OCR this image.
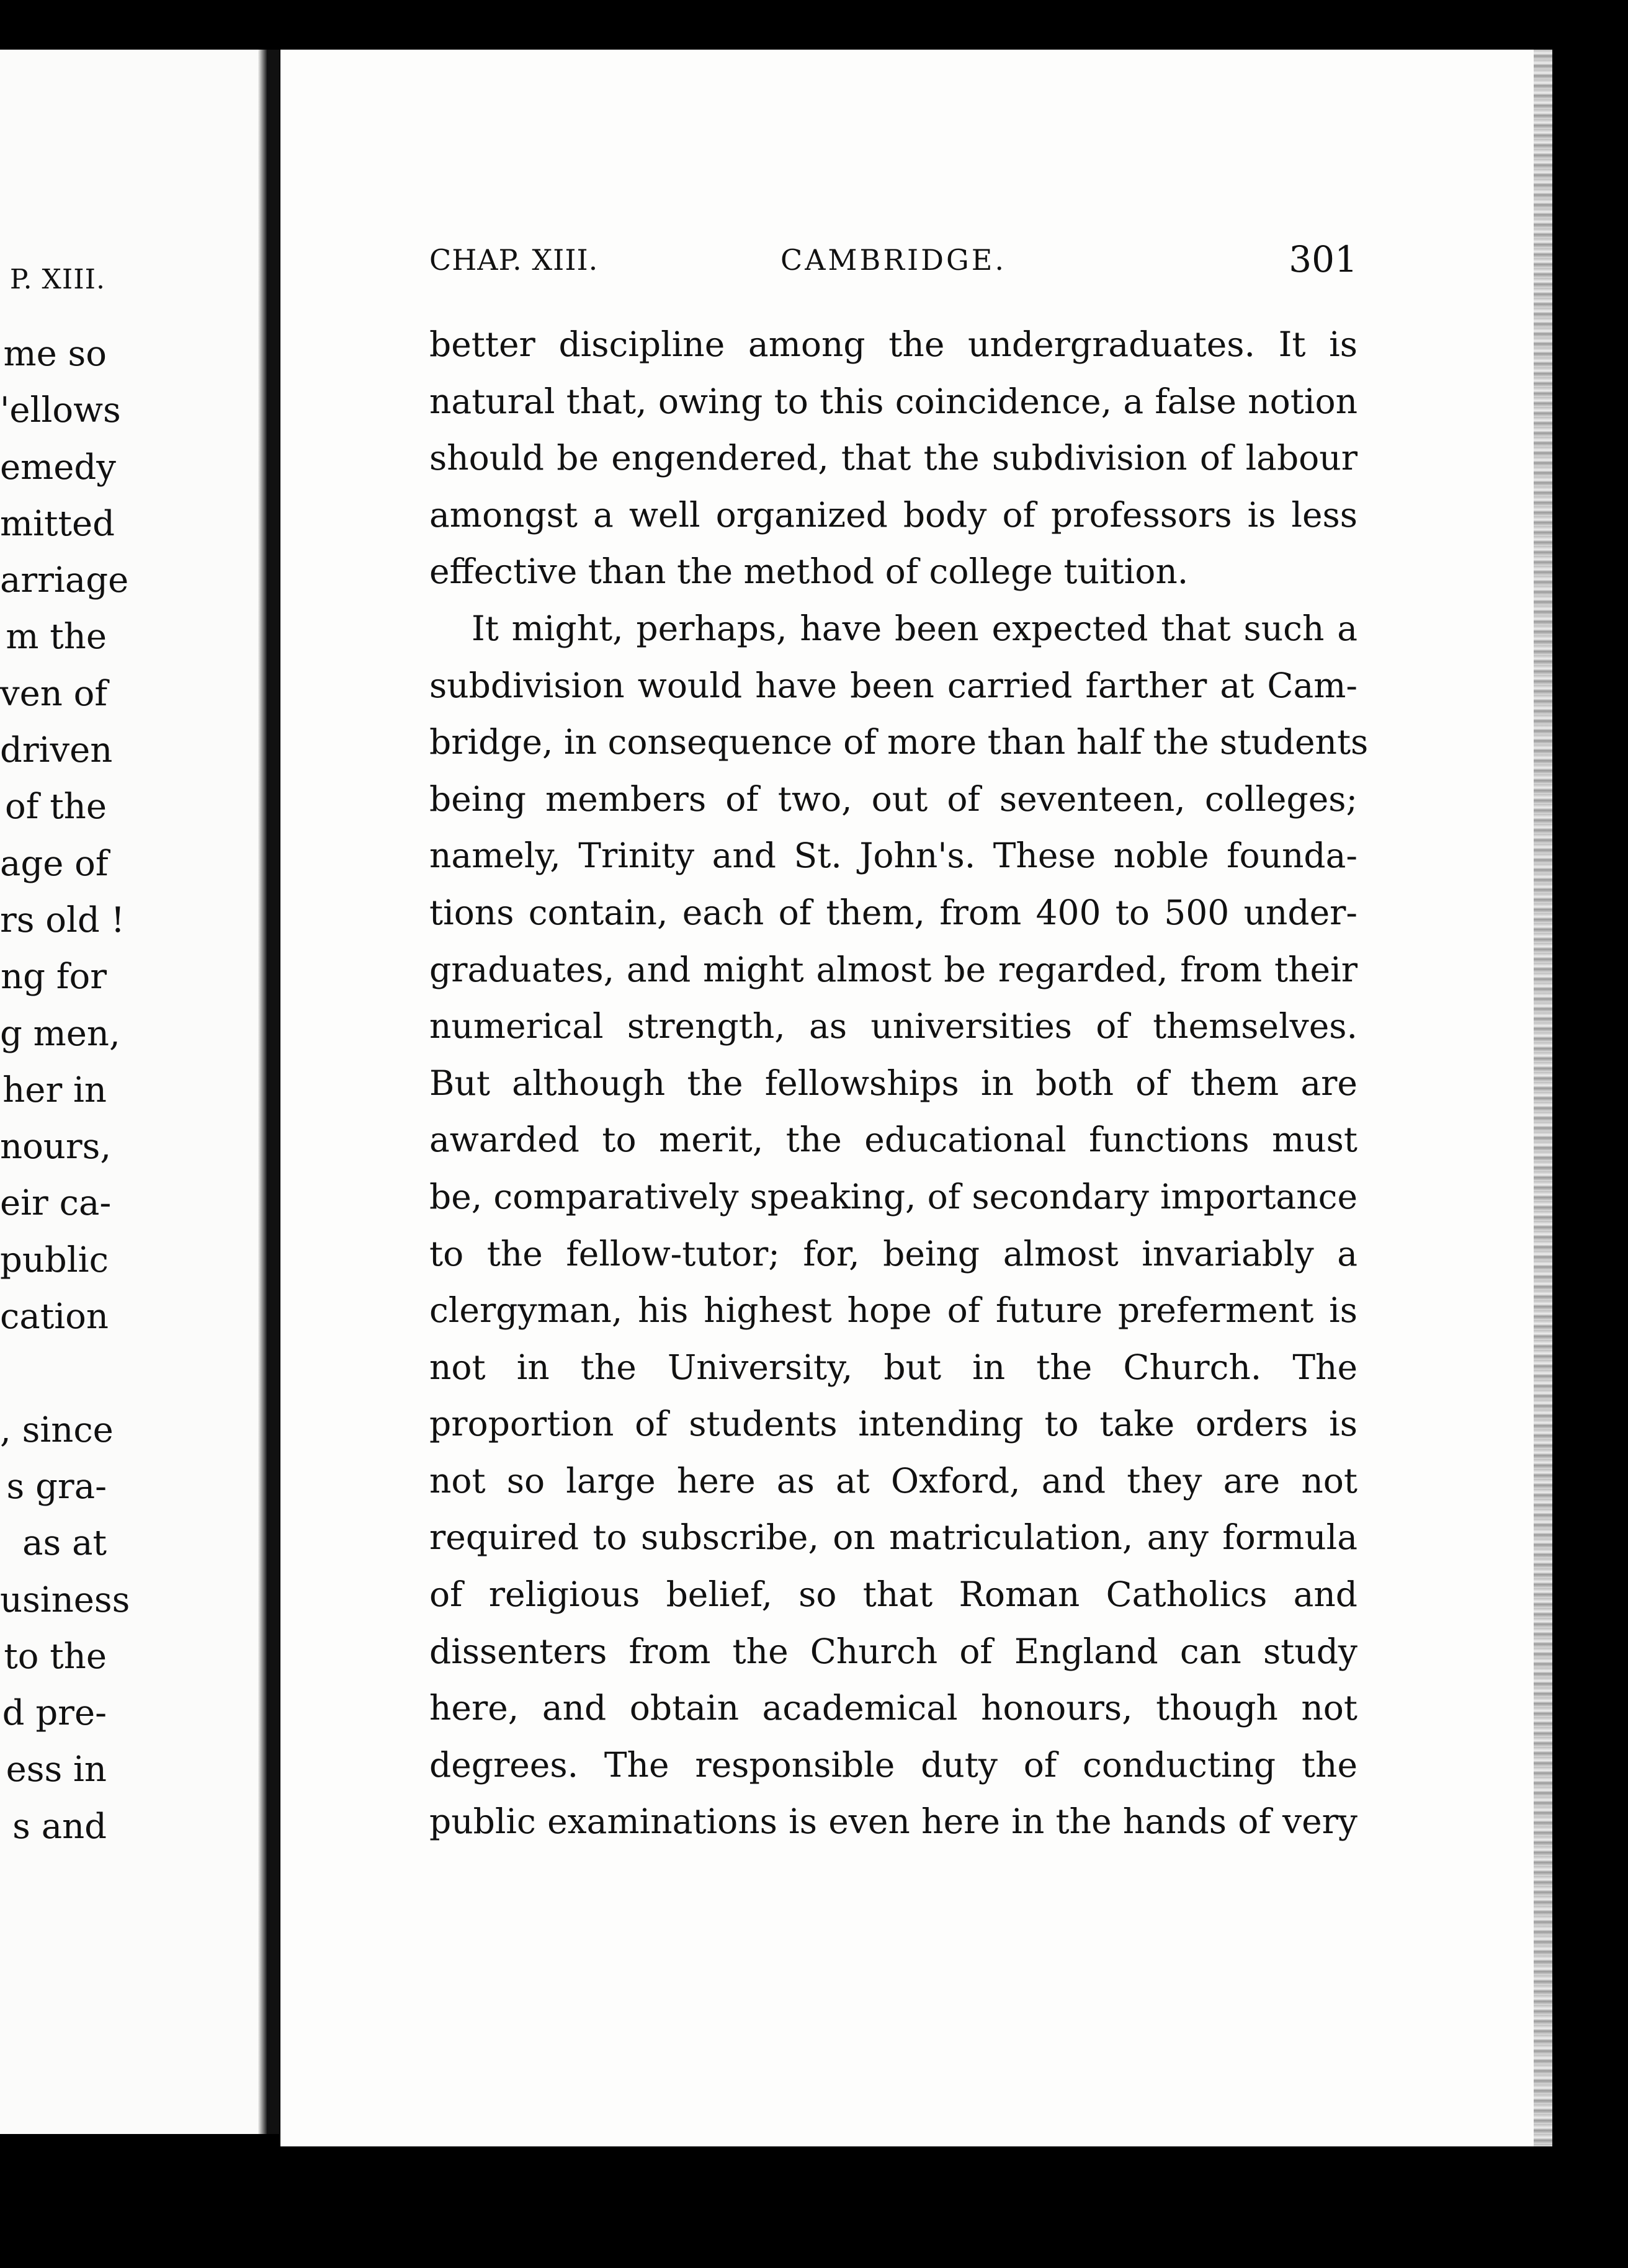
P. XIII.
me so
'ellows
emedy
mitted
arriage
m the
ven of
driven
of the
age of
rs old !
ng for
g men,
her in
nours,
eir ca-
public
cation
, since
s gra-
as at
usiness
to the
d pre-
ess in
s and
CHAP. XIII.	CAMBRIDGE.	301
better discipline among the undergraduates. It is
natural that, owing to this coincidence, a false notion
should be engendered, that the subdivision of labour
amongst a well organized body of professors is less
effective than the method of college tuition.
It might, perhaps, have been expected that such a
subdivision would have been carried farther at Cam-
bridge, in consequence of more than half the students
being members of two, out of seventeen, colleges;
namely, Trinity and St. John's. These noble founda-
tions contain, each of them, from 400 to 500 under-
graduates, and might almost be regarded, from their
numerical strength, as universities of themselves.
But although the fellowships in both of them are
awarded to merit, the educational functions must
be, comparatively speaking, of secondary importance
to the fellow-tutor; for, being almost invariably a
clergyman, his highest hope of future preferment is
not in the University, but in the Church. The
proportion of students intending to take orders is
not so large here as at Oxford, and they are not
required to subscribe, on matriculation, any formula
of religious belief, so that Roman Catholics and
dissenters from the Church of England can study
here, and obtain academical honours, though not
degrees. The responsible duty of conducting the
public examinations is even here in the hands of very
